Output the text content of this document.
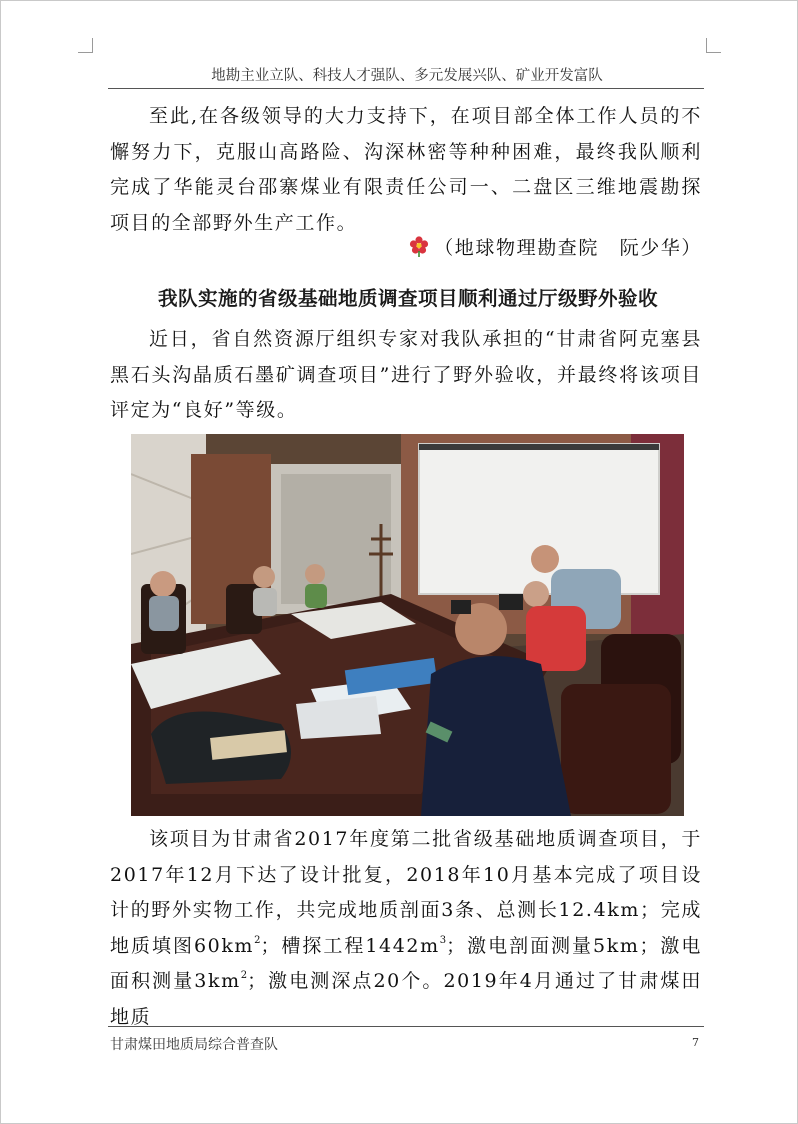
地勘主业立队、科技人才强队、多元发展兴队、矿业开发富队

至此,在各级领导的大力支持下，在项目部全体工作人员的不懈努力下，克服山高路险、沟深林密等种种困难，最终我队顺利完成了华能灵台邵寨煤业有限责任公司一、二盘区三维地震勘探项目的全部野外生产工作。

（地球物理勘查院　阮少华）
我队实施的省级基础地质调查项目顺利通过厅级野外验收

近日，省自然资源厅组织专家对我队承担的“甘肃省阿克塞县黑石头沟晶质石墨矿调查项目”进行了野外验收，并最终将该项目评定为“良好”等级。

该项目为甘肃省2017年度第二批省级基础地质调查项目，于2017年12月下达了设计批复，2018年10月基本完成了项目设计的野外实物工作，共完成地质剖面3条、总测长12.4km；完成地质填图$60km^2$；槽探工程$1442m^3$；激电剖面测量5km；激电面积测量$3km^2$；激电测深点20个。2019年4月通过了甘肃煤田地质

甘肃煤田地质局综合普查队	7
